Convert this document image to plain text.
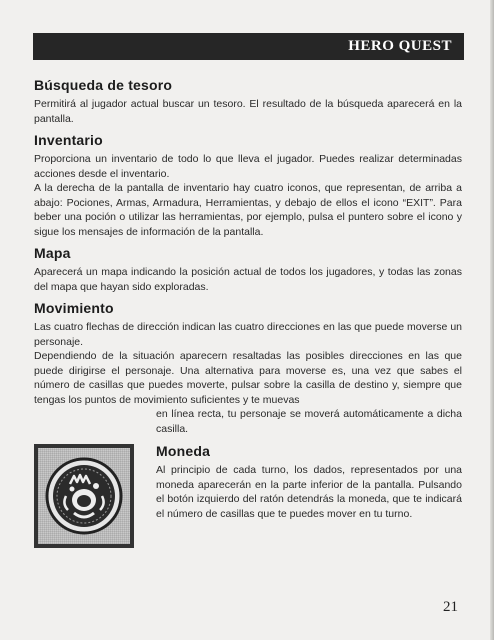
HERO QUEST
Búsqueda de tesoro

Permitirá al jugador actual buscar un tesoro. El resultado de la búsqueda aparecerá en la pantalla.

Inventario

Proporciona un inventario de todo lo que lleva el jugador. Puedes realizar determinadas acciones desde el inventario.

A la derecha de la pantalla de inventario hay cuatro iconos, que representan, de arriba a abajo: Pociones, Armas, Armadura, Herramientas, y debajo de ellos el icono “EXIT”. Para beber una poción o utilizar las herramientas, por ejemplo, pulsa el puntero sobre el icono y sigue los mensajes de información de la pantalla.

Mapa

Aparecerá un mapa indicando la posición actual de todos los jugadores, y todas las zonas del mapa que hayan sido exploradas.

Movimiento

Las cuatro flechas de dirección indican las cuatro direcciones en las que puede moverse un personaje.

Dependiendo de la situación aparecern resaltadas las posibles direcciones en las que puede dirigirse el personaje. Una alternativa para moverse es, una vez que sabes el número de casillas que puedes moverte, pulsar sobre la casilla de destino y, siempre que tengas los puntos de movimiento suficientes y te muevas

en línea recta, tu personaje se moverá automáticamente a dicha casilla.

Moneda

Al principio de cada turno, los dados, representados por una moneda aparecerán en la parte inferior de la pantalla. Pulsando el botón izquierdo del ratón detendrás la moneda, que te indicará el número de casillas que te puedes mover en tu turno.

21
